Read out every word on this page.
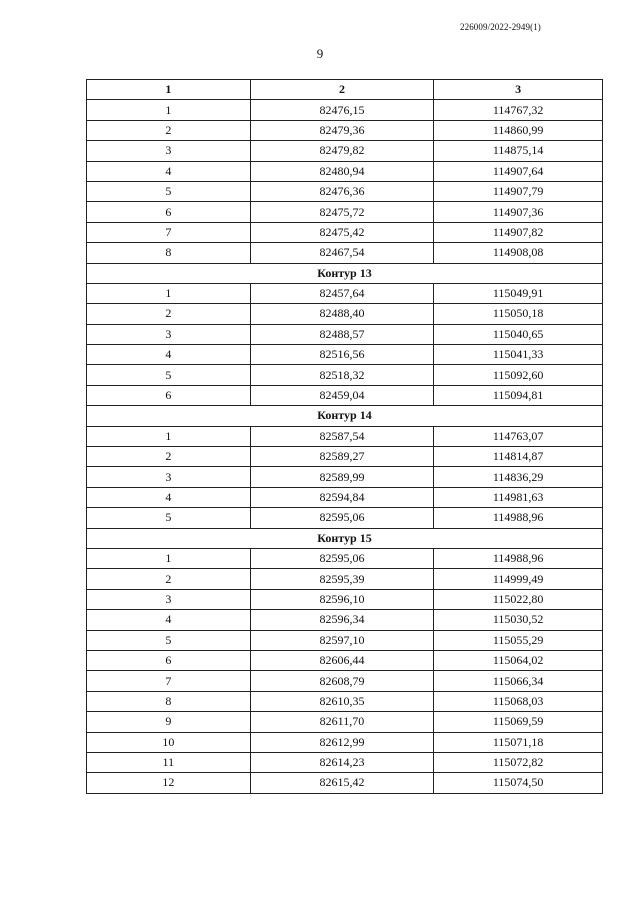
226009/2022-2949(1)
9
1	2	3
1	82476,15	114767,32
2	82479,36	114860,99
3	82479,82	114875,14
4	82480,94	114907,64
5	82476,36	114907,79
6	82475,72	114907,36
7	82475,42	114907,82
8	82467,54	114908,08
Контур 13		
1	82457,64	115049,91
2	82488,40	115050,18
3	82488,57	115040,65
4	82516,56	115041,33
5	82518,32	115092,60
6	82459,04	115094,81
Контур 14		
1	82587,54	114763,07
2	82589,27	114814,87
3	82589,99	114836,29
4	82594,84	114981,63
5	82595,06	114988,96
Контур 15		
1	82595,06	114988,96
2	82595,39	114999,49
3	82596,10	115022,80
4	82596,34	115030,52
5	82597,10	115055,29
6	82606,44	115064,02
7	82608,79	115066,34
8	82610,35	115068,03
9	82611,70	115069,59
10	82612,99	115071,18
11	82614,23	115072,82
12	82615,42	115074,50
